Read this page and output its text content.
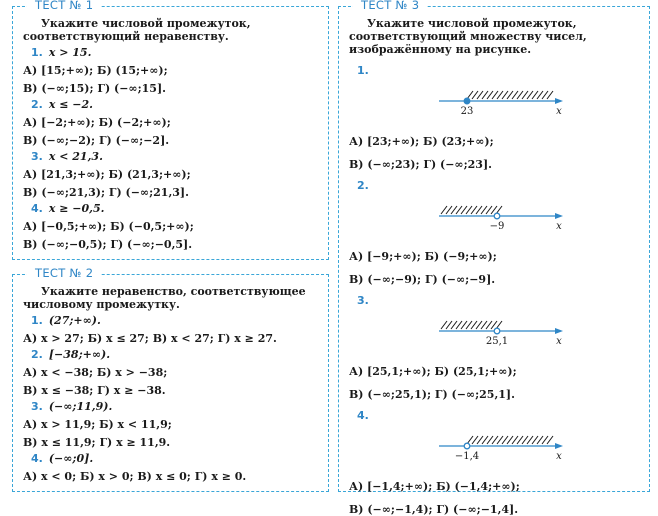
ТЕСТ № 1
Укажите числовой промежуток, соответствующий неравенству.
1. x > 15.
А) [15;+∞); Б) (15;+∞);
В) (−∞;15); Г) (−∞;15].
2. x ≤ −2.
А) [−2;+∞); Б) (−2;+∞);
В) (−∞;−2); Г) (−∞;−2].
3. x < 21,3.
А) [21,3;+∞); Б) (21,3;+∞);
В) (−∞;21,3); Г) (−∞;21,3].
4. x ≥ −0,5.
А) [−0,5;+∞); Б) (−0,5;+∞);
В) (−∞;−0,5); Г) (−∞;−0,5].
ТЕСТ № 2
Укажите неравенство, соответствующее числовому промежутку.
1. (27;+∞).
А) x > 27; Б) x ≤ 27; В) x < 27; Г) x ≥ 27.
2. [−38;+∞).
А) x < −38; Б) x > −38;
В) x ≤ −38; Г) x ≥ −38.
3. (−∞;11,9).
А) x > 11,9; Б) x < 11,9;
В) x ≤ 11,9; Г) x ≥ 11,9.
4. (−∞;0].
А) x < 0; Б) x > 0; В) x ≤ 0; Г) x ≥ 0.
ТЕСТ № 3
Укажите числовой промежуток, соответствующий множеству чисел, изображённому на рисунке.
1.
23	x
А) [23;+∞); Б) (23;+∞);
В) (−∞;23); Г) (−∞;23].
2.
−9	x
А) [−9;+∞); Б) (−9;+∞);
В) (−∞;−9); Г) (−∞;−9].
3.
25,1	x
А) [25,1;+∞); Б) (25,1;+∞);
В) (−∞;25,1); Г) (−∞;25,1].
4.
−1,4	x
А) [−1,4;+∞); Б) (−1,4;+∞);
В) (−∞;−1,4); Г) (−∞;−1,4].
